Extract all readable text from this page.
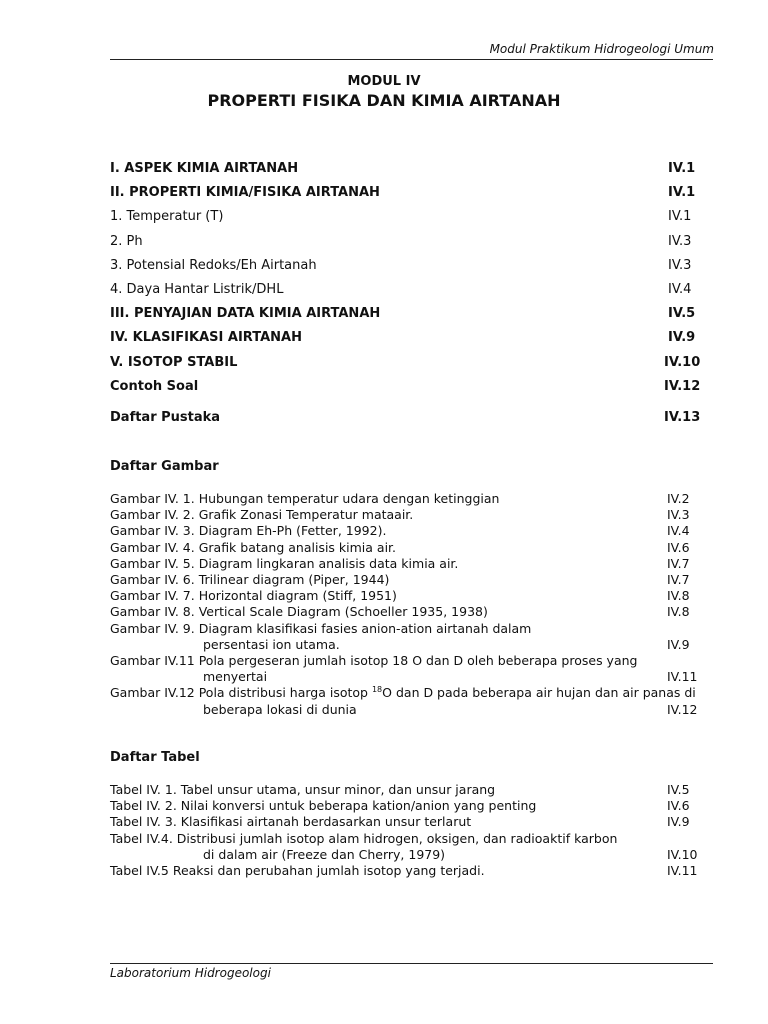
Modul Praktikum Hidrogeologi Umum
MODUL IV
PROPERTI FISIKA DAN KIMIA AIRTANAH
I. ASPEK KIMIA AIRTANAH	IV.1
II. PROPERTI KIMIA/FISIKA AIRTANAH	IV.1
1. Temperatur (T)	IV.1
2. Ph	IV.3
3. Potensial Redoks/Eh Airtanah	IV.3
4. Daya Hantar Listrik/DHL	IV.4
III. PENYAJIAN DATA KIMIA AIRTANAH	IV.5
IV. KLASIFIKASI AIRTANAH	IV.9
V. ISOTOP STABIL	IV.10
Contoh Soal	IV.12
Daftar Pustaka	IV.13
Daftar Gambar
Gambar IV. 1. Hubungan temperatur udara dengan ketinggian	IV.2
Gambar IV. 2. Grafik Zonasi Temperatur mataair.	IV.3
Gambar IV. 3. Diagram Eh-Ph (Fetter, 1992).	IV.4
Gambar IV. 4. Grafik batang analisis kimia air.	IV.6
Gambar IV. 5. Diagram lingkaran analisis data kimia air.	IV.7
Gambar IV. 6. Trilinear diagram (Piper, 1944)	IV.7
Gambar IV. 7. Horizontal diagram (Stiff, 1951)	IV.8
Gambar IV. 8. Vertical Scale Diagram (Schoeller 1935, 1938)	IV.8
Gambar IV. 9. Diagram klasifikasi fasies anion-ation airtanah dalam
persentasi ion utama.	IV.9
Gambar IV.11 Pola pergeseran jumlah isotop 18 O dan D oleh beberapa proses yang
menyertai	IV.11
Gambar IV.12 Pola distribusi harga isotop $^{18}$O dan D pada beberapa air hujan dan air panas di
beberapa lokasi di dunia	IV.12
Daftar Tabel
Tabel IV. 1. Tabel unsur utama, unsur minor, dan unsur jarang	IV.5
Tabel IV. 2. Nilai konversi untuk beberapa kation/anion yang penting	IV.6
Tabel IV. 3. Klasifikasi airtanah berdasarkan unsur terlarut	IV.9
Tabel IV.4. Distribusi jumlah isotop alam hidrogen, oksigen, dan radioaktif karbon
di dalam air (Freeze dan Cherry, 1979)	IV.10
Tabel IV.5 Reaksi dan perubahan jumlah isotop yang terjadi.	IV.11
Laboratorium Hidrogeologi
